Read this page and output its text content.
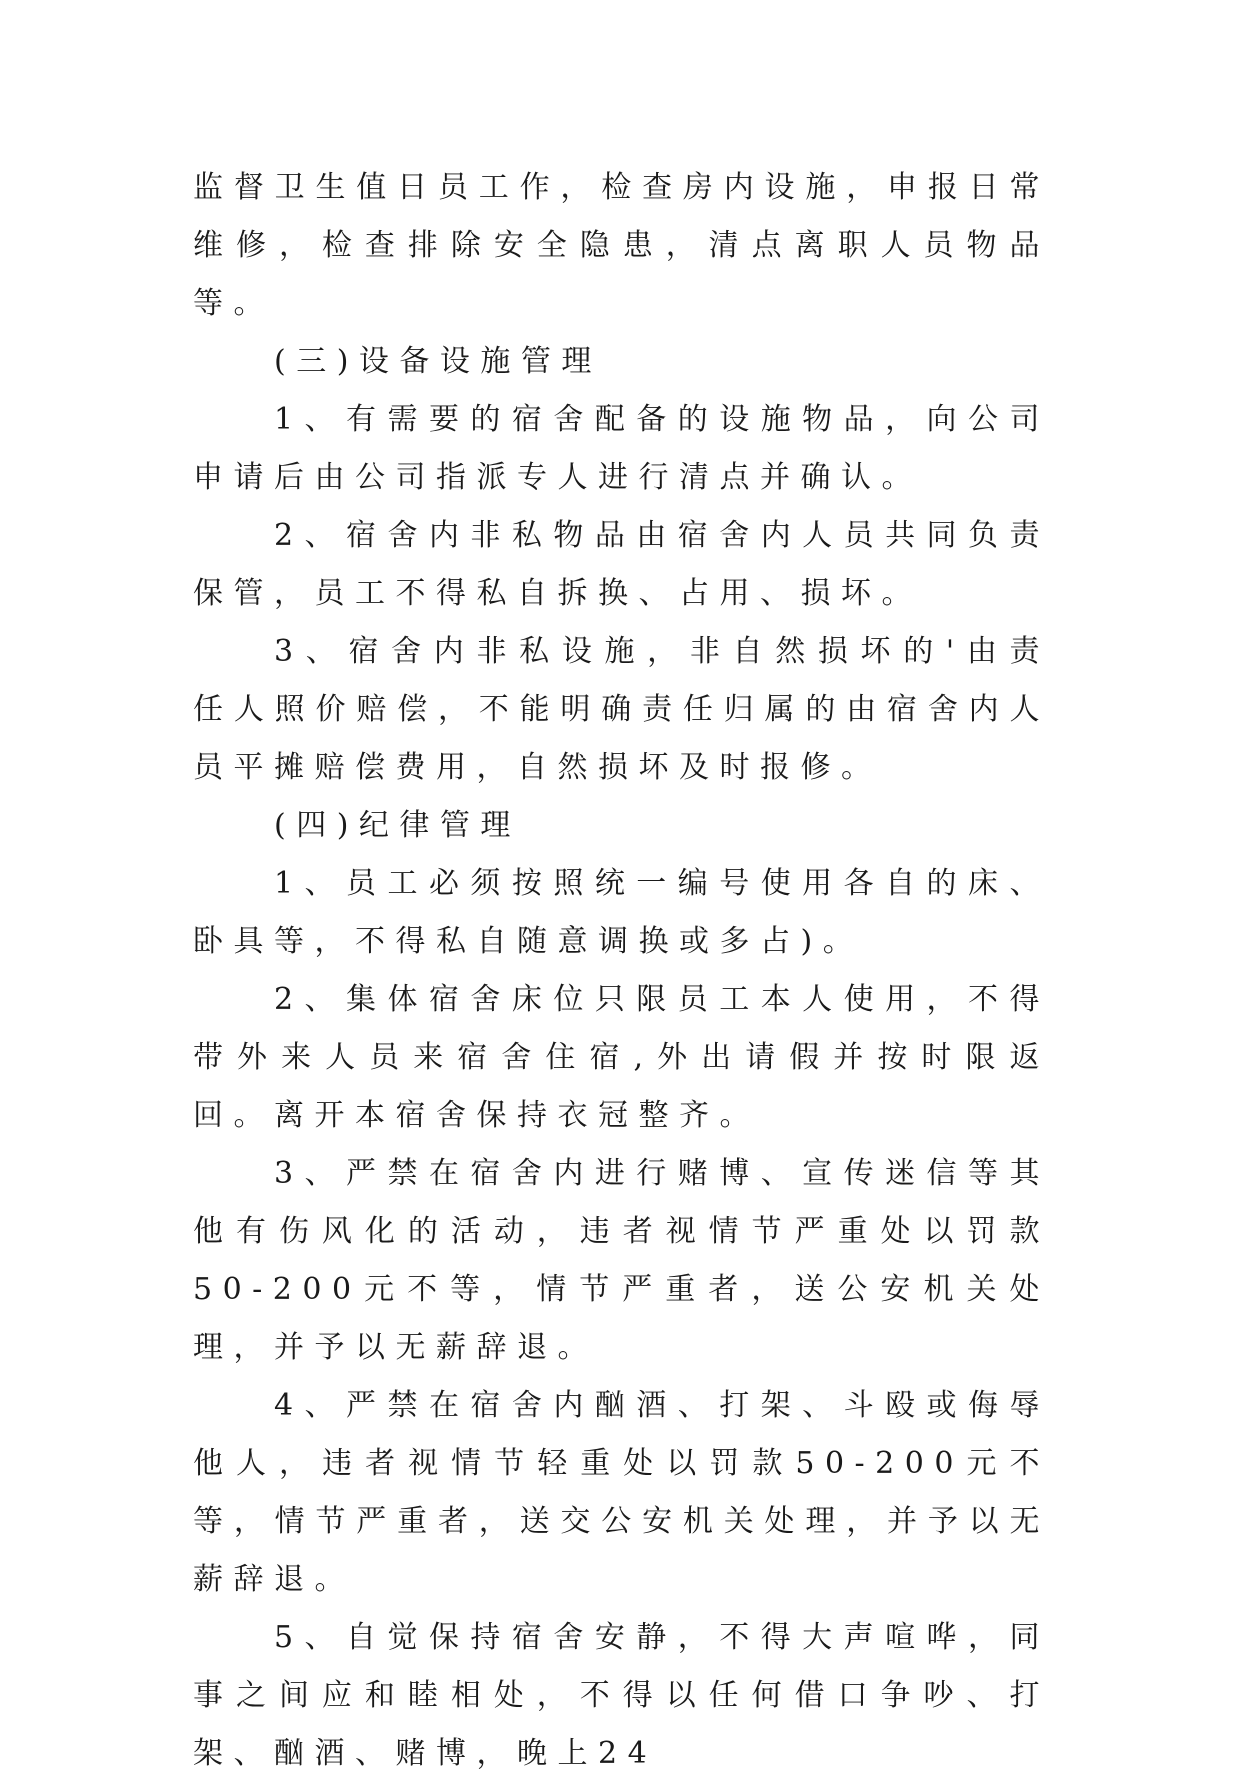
监督卫生值日员工作，检查房内设施，申报日常维修，检查排除安全隐患，清点离职人员物品等。

(三)设备设施管理

1、有需要的宿舍配备的设施物品，向公司申请后由公司指派专人进行清点并确认。

2、宿舍内非私物品由宿舍内人员共同负责保管，员工不得私自拆换、占用、损坏。

3、宿舍内非私设施，非自然损坏的'由责任人照价赔偿，不能明确责任归属的由宿舍内人员平摊赔偿费用，自然损坏及时报修。

(四)纪律管理

1、员工必须按照统一编号使用各自的床、卧具等，不得私自随意调换或多占)。

2、集体宿舍床位只限员工本人使用，不得带外来人员来宿舍住宿,外出请假并按时限返回。离开本宿舍保持衣冠整齐。

3、严禁在宿舍内进行赌博、宣传迷信等其他有伤风化的活动，违者视情节严重处以罚款50-200元不等，情节严重者，送公安机关处理，并予以无薪辞退。

4、严禁在宿舍内酗酒、打架、斗殴或侮辱他人，违者视情节轻重处以罚款50-200元不等，情节严重者，送交公安机关处理，并予以无薪辞退。

5、自觉保持宿舍安静，不得大声喧哗，同事之间应和睦相处，不得以任何借口争吵、打架、酗酒、赌博，晚上24
